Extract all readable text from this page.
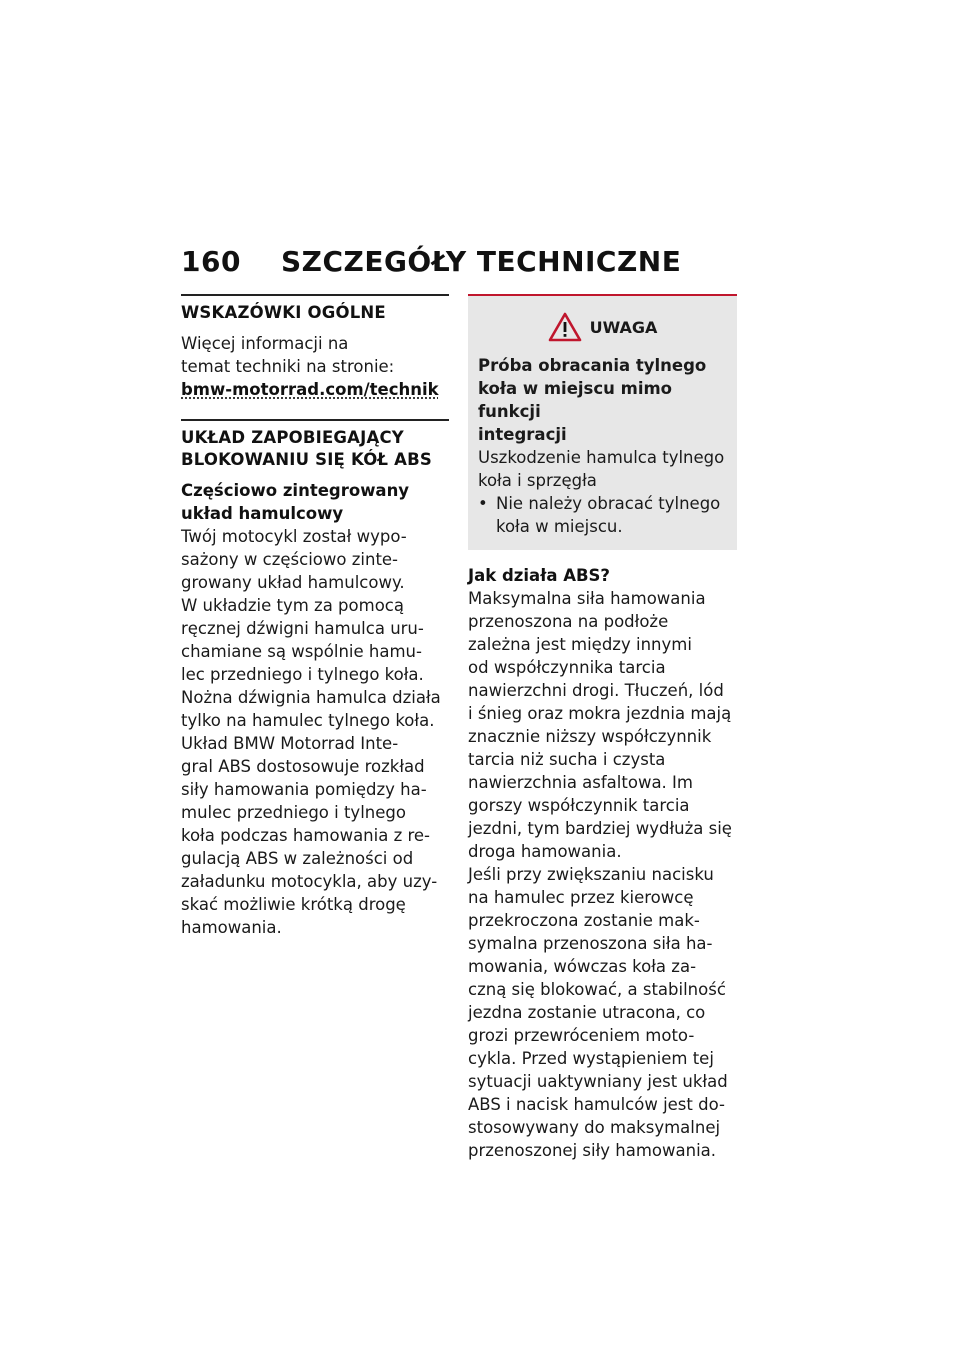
160 SZCZEGÓŁY TECHNICZNE
WSKAZÓWKI OGÓLNE
Więcej informacji na
temat techniki na stronie:
bmw-motorrad.com/technik
UKŁAD ZAPOBIEGAJĄCY
BLOKOWANIU SIĘ KÓŁ ABS
Częściowo zintegrowany
układ hamulcowy

Twój motocykl został wypo-
sażony w częściowo zinte-
growany układ hamulcowy.
W układzie tym za pomocą
ręcznej dźwigni hamulca uru-
chamiane są wspólnie hamu-
lec przedniego i tylnego koła.
Nożna dźwignia hamulca działa
tylko na hamulec tylnego koła.

Układ BMW Motorrad Inte-
gral ABS dostosowuje rozkład
siły hamowania pomiędzy ha-
mulec przedniego i tylnego
koła podczas hamowania z re-
gulacją ABS w zależności od
załadunku motocykla, aby uzy-
skać możliwie krótką drogę
hamowania.

UWAGA
Próba obracania tylnego
koła w miejscu mimo funkcji
integracji
Uszkodzenie hamulca tylnego
koła i sprzęgła
• Nie należy obracać tylnego
koła w miejscu.
Jak działa ABS?

Maksymalna siła hamowania
przenoszona na podłoże
zależna jest między innymi
od współczynnika tarcia
nawierzchni drogi. Tłuczeń, lód
i śnieg oraz mokra jezdnia mają
znacznie niższy współczynnik
tarcia niż sucha i czysta
nawierzchnia asfaltowa. Im
gorszy współczynnik tarcia
jezdni, tym bardziej wydłuża się
droga hamowania.

Jeśli przy zwiększaniu nacisku
na hamulec przez kierowcę
przekroczona zostanie mak-
symalna przenoszona siła ha-
mowania, wówczas koła za-
czną się blokować, a stabilność
jezdna zostanie utracona, co
grozi przewróceniem moto-
cykla. Przed wystąpieniem tej
sytuacji uaktywniany jest układ
ABS i nacisk hamulców jest do-
stosowywany do maksymalnej
przenoszonej siły hamowania.
